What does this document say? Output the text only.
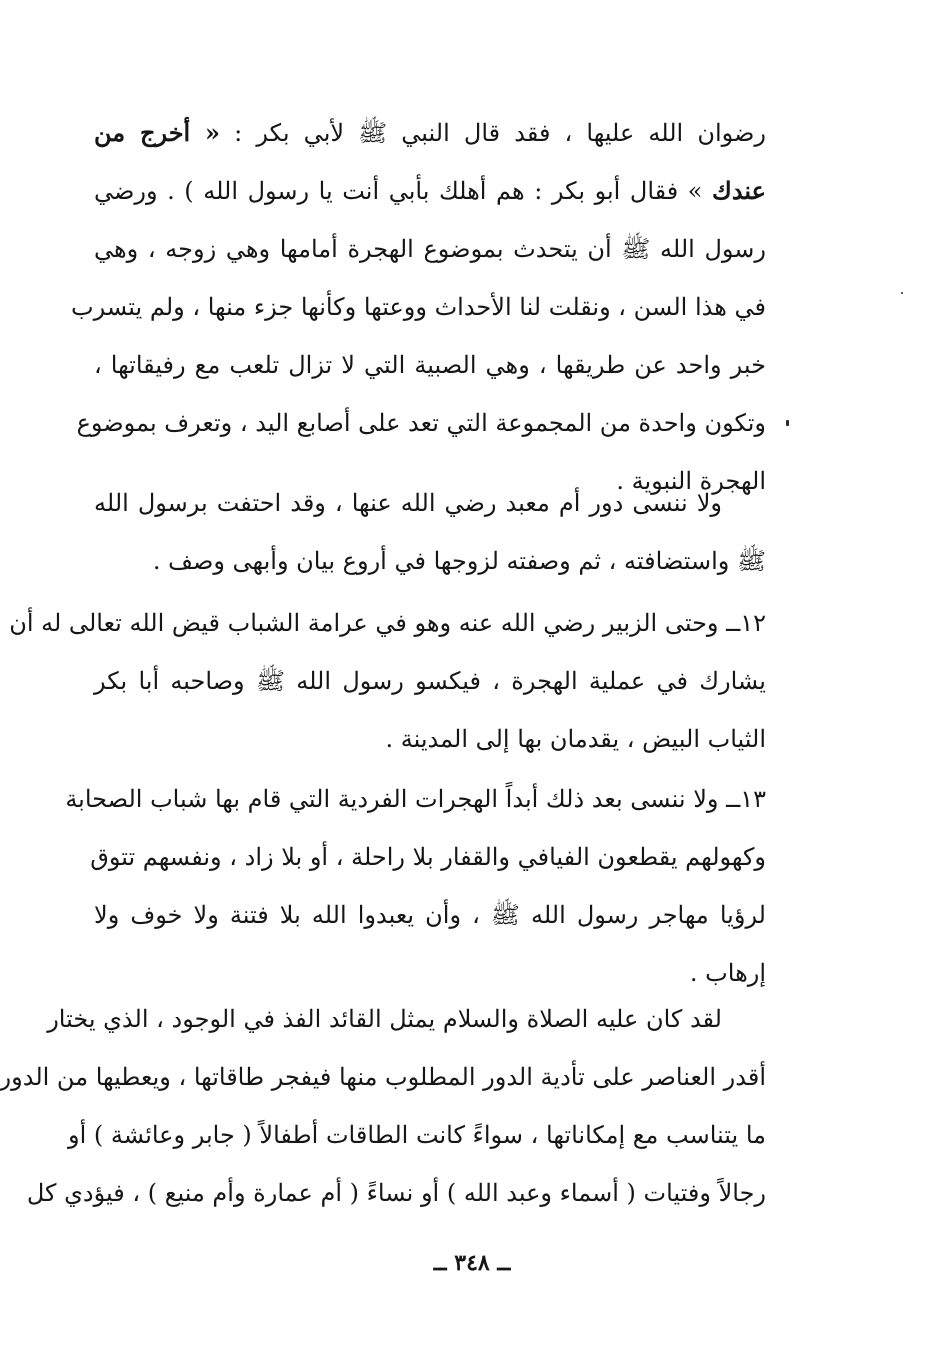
رضوان الله عليها ، فقد قال النبي ﷺ لأبي بكر : « أخرج من
عندك » فقال أبو بكر : هم أهلك بأبي أنت يا رسول الله ) . ورضي
رسول الله ﷺ أن يتحدث بموضوع الهجرة أمامها وهي زوجه ، وهي
في هذا السن ، ونقلت لنا الأحداث ووعتها وكأنها جزء منها ، ولم يتسرب
خبر واحد عن طريقها ، وهي الصبية التي لا تزال تلعب مع رفيقاتها ،
وتكون واحدة من المجموعة التي تعد على أصابع اليد ، وتعرف بموضوع
الهجرة النبوية .
ولا ننسى دور أم معبد رضي الله عنها ، وقد احتفت برسول الله
ﷺ واستضافته ، ثم وصفته لزوجها في أروع بيان وأبهى وصف .
١٢ــ وحتى الزبير رضي الله عنه وهو في عرامة الشباب قيض الله تعالى له أن
يشارك في عملية الهجرة ، فيكسو رسول الله ﷺ وصاحبه أبا بكر
الثياب البيض ، يقدمان بها إلى المدينة .
١٣ــ ولا ننسى بعد ذلك أبداً الهجرات الفردية التي قام بها شباب الصحابة
وكهولهم يقطعون الفيافي والقفار بلا راحلة ، أو بلا زاد ، ونفسهم تتوق
لرؤيا مهاجر رسول الله ﷺ ، وأن يعبدوا الله بلا فتنة ولا خوف ولا
إرهاب .
لقد كان عليه الصلاة والسلام يمثل القائد الفذ في الوجود ، الذي يختار
أقدر العناصر على تأدية الدور المطلوب منها فيفجر طاقاتها ، ويعطيها من الدور
ما يتناسب مع إمكاناتها ، سواءً كانت الطاقات أطفالاً ( جابر وعائشة ) أو
رجالاً وفتيات ( أسماء وعبد الله ) أو نساءً ( أم عمارة وأم منيع ) ، فيؤدي كل
ــ ٣٤٨ ــ
